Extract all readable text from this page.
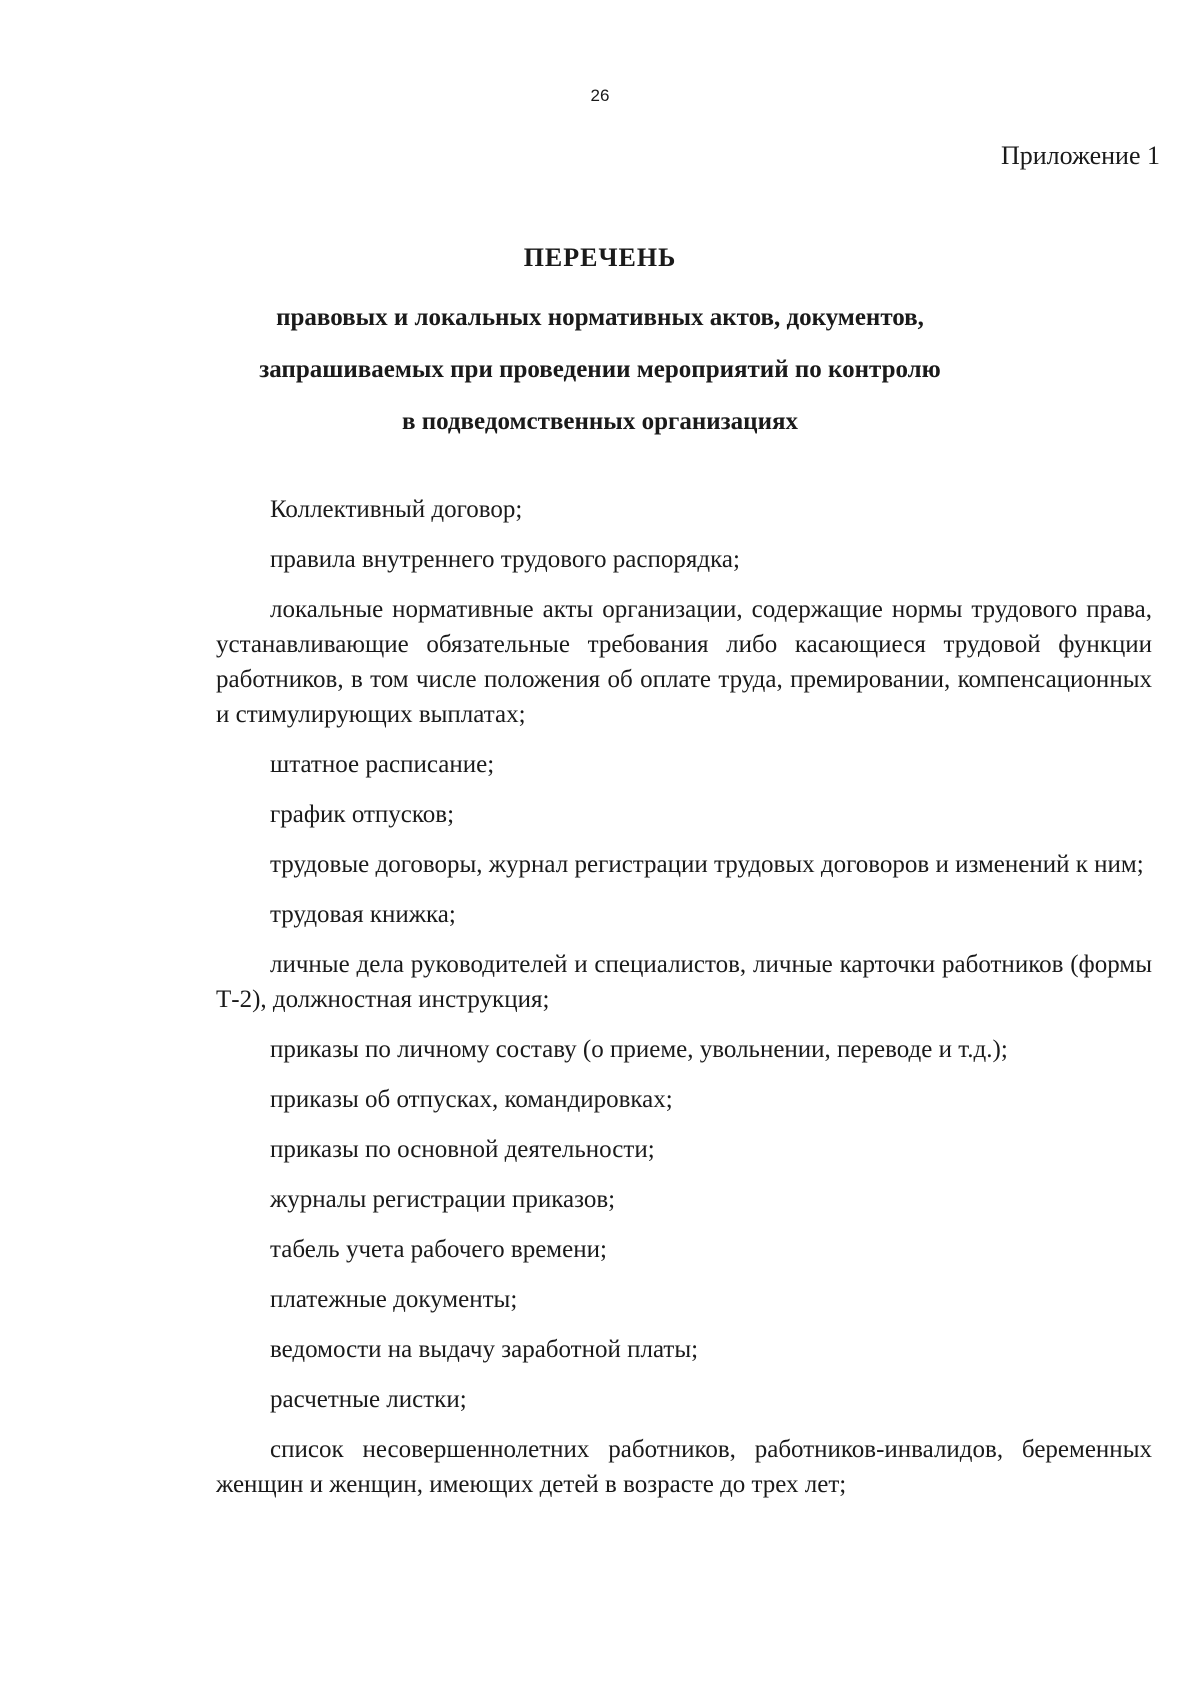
26
Приложение 1
ПЕРЕЧЕНЬ
правовых и локальных нормативных актов, документов,
запрашиваемых при проведении мероприятий по контролю
в подведомственных организациях

Коллективный договор;

правила внутреннего трудового распорядка;

локальные нормативные акты организации, содержащие нормы трудового права, устанавливающие обязательные требования либо касающиеся трудовой функции работников, в том числе положения об оплате труда, премировании, компенсационных и стимулирующих выплатах;

штатное расписание;

график отпусков;

трудовые договоры, журнал регистрации трудовых договоров и изменений к ним;

трудовая книжка;

личные дела руководителей и специалистов, личные карточки работников (формы Т-2), должностная инструкция;

приказы по личному составу (о приеме, увольнении, переводе и т.д.);

приказы об отпусках, командировках;

приказы по основной деятельности;

журналы регистрации приказов;

табель учета рабочего времени;

платежные документы;

ведомости на выдачу заработной платы;

расчетные листки;

список несовершеннолетних работников, работников-инвалидов, беременных женщин и женщин, имеющих детей в возрасте до трех лет;
